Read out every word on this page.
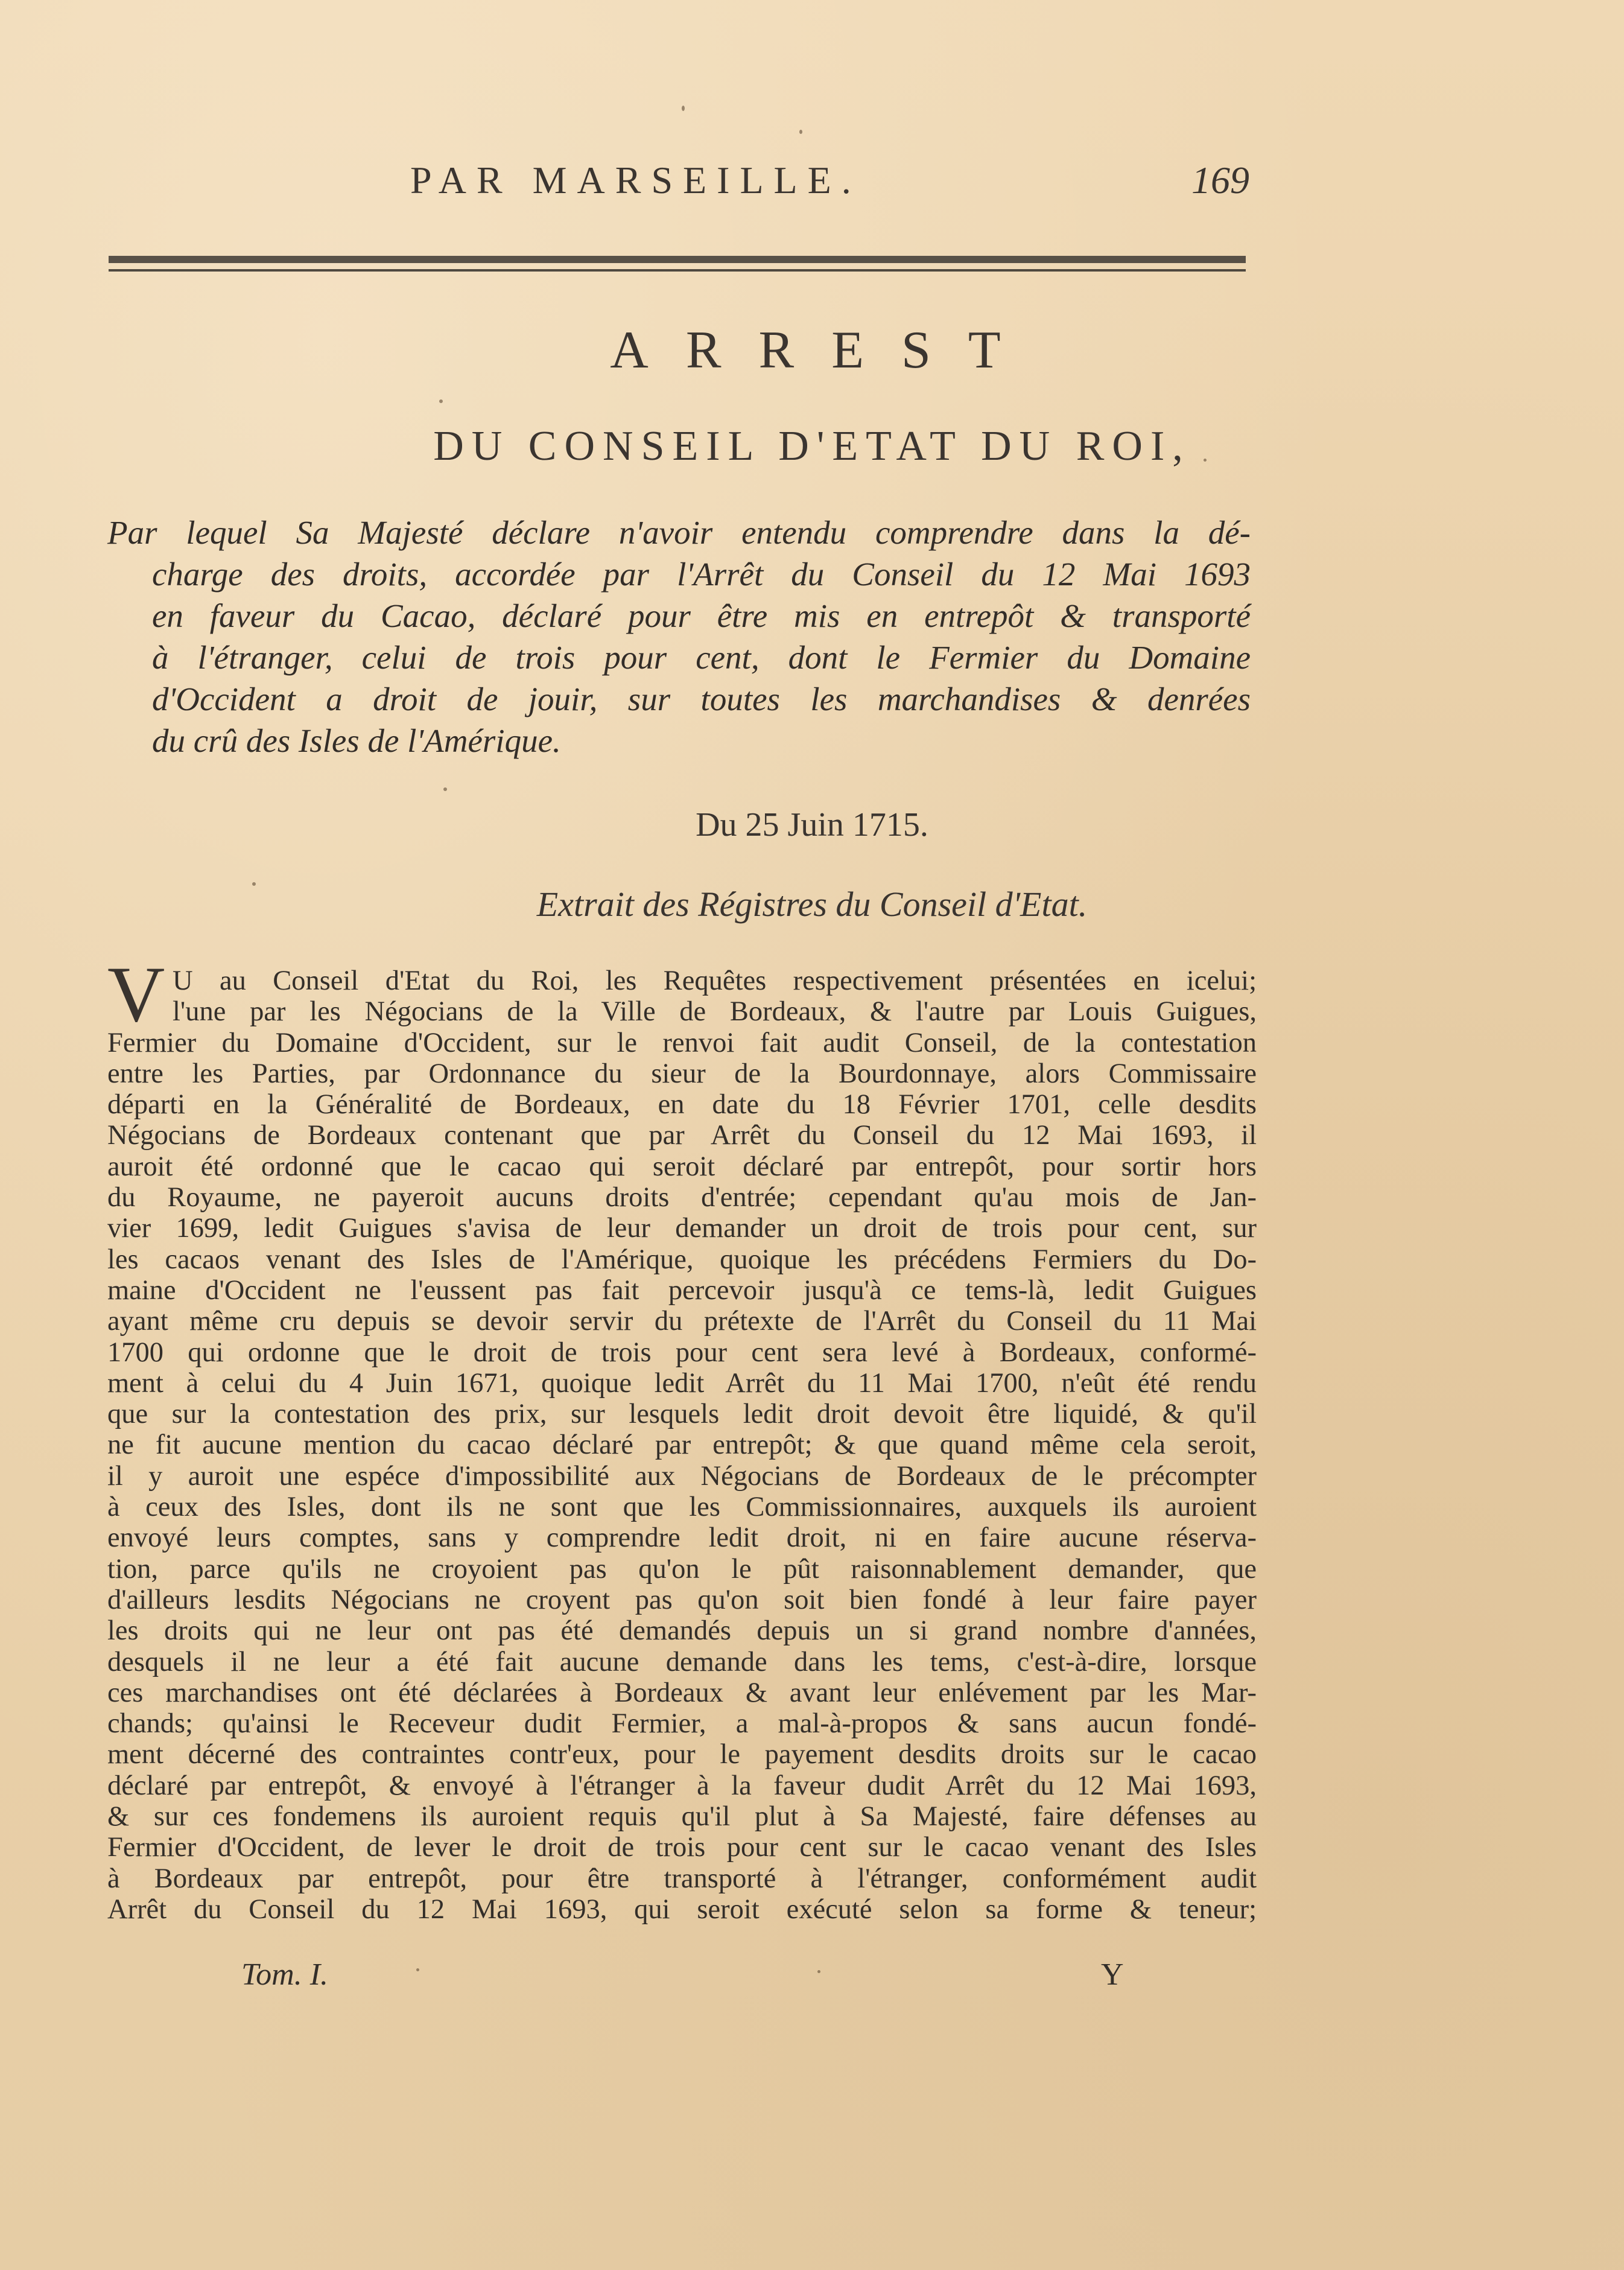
PAR MARSEILLE.	169
ARREST
DU CONSEIL D'ETAT DU ROI,
Par lequel Sa Majesté déclare n'avoir entendu comprendre dans la dé-
charge des droits, accordée par l'Arrêt du Conseil du 12 Mai 1693
en faveur du Cacao, déclaré pour être mis en entrepôt & transporté
à l'étranger, celui de trois pour cent, dont le Fermier du Domaine
d'Occident a droit de jouir, sur toutes les marchandises & denrées
du crû des Isles de l'Amérique.
Du 25 Juin 1715.
Extrait des Régistres du Conseil d'Etat.
V U au Conseil d'Etat du Roi, les Requêtes respectivement présentées en icelui;
l'une par les Négocians de la Ville de Bordeaux, & l'autre par Louis Guigues,
Fermier du Domaine d'Occident, sur le renvoi fait audit Conseil, de la contestation
entre les Parties, par Ordonnance du sieur de la Bourdonnaye, alors Commissaire
départi en la Généralité de Bordeaux, en date du 18 Février 1701, celle desdits
Négocians de Bordeaux contenant que par Arrêt du Conseil du 12 Mai 1693, il
auroit été ordonné que le cacao qui seroit déclaré par entrepôt, pour sortir hors
du Royaume, ne payeroit aucuns droits d'entrée; cependant qu'au mois de Jan-
vier 1699, ledit Guigues s'avisa de leur demander un droit de trois pour cent, sur
les cacaos venant des Isles de l'Amérique, quoique les précédens Fermiers du Do-
maine d'Occident ne l'eussent pas fait percevoir jusqu'à ce tems-là, ledit Guigues
ayant même cru depuis se devoir servir du prétexte de l'Arrêt du Conseil du 11 Mai
1700 qui ordonne que le droit de trois pour cent sera levé à Bordeaux, conformé-
ment à celui du 4 Juin 1671, quoique ledit Arrêt du 11 Mai 1700, n'eût été rendu
que sur la contestation des prix, sur lesquels ledit droit devoit être liquidé, & qu'il
ne fit aucune mention du cacao déclaré par entrepôt; & que quand même cela seroit,
il y auroit une espéce d'impossibilité aux Négocians de Bordeaux de le précompter
à ceux des Isles, dont ils ne sont que les Commissionnaires, auxquels ils auroient
envoyé leurs comptes, sans y comprendre ledit droit, ni en faire aucune réserva-
tion, parce qu'ils ne croyoient pas qu'on le pût raisonnablement demander, que
d'ailleurs lesdits Négocians ne croyent pas qu'on soit bien fondé à leur faire payer
les droits qui ne leur ont pas été demandés depuis un si grand nombre d'années,
desquels il ne leur a été fait aucune demande dans les tems, c'est-à-dire, lorsque
ces marchandises ont été déclarées à Bordeaux & avant leur enlévement par les Mar-
chands; qu'ainsi le Receveur dudit Fermier, a mal-à-propos & sans aucun fondé-
ment décerné des contraintes contr'eux, pour le payement desdits droits sur le cacao
déclaré par entrepôt, & envoyé à l'étranger à la faveur dudit Arrêt du 12 Mai 1693,
& sur ces fondemens ils auroient requis qu'il plut à Sa Majesté, faire défenses au
Fermier d'Occident, de lever le droit de trois pour cent sur le cacao venant des Isles
à Bordeaux par entrepôt, pour être transporté à l'étranger, conformément audit
Arrêt du Conseil du 12 Mai 1693, qui seroit exécuté selon sa forme & teneur;
Tom. I.	Y
